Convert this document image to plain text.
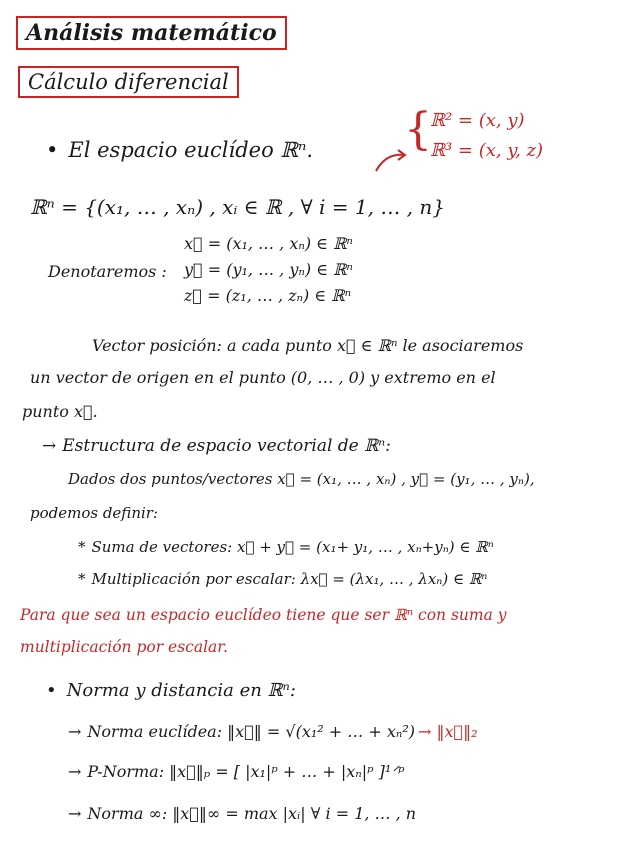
Análisis matemático
Cálculo diferencial
• El espacio euclídeo ℝⁿ. {
ℝ² = (x, y)
ℝ³ = (x, y, z)
ℝⁿ = {(x₁, … , xₙ) , xᵢ ∈ ℝ , ∀ i = 1, … , n}
Denotaremos :
x⃗ = (x₁, … , xₙ) ∈ ℝⁿ
y⃗ = (y₁, … , yₙ) ∈ ℝⁿ
z⃗ = (z₁, … , zₙ) ∈ ℝⁿ
Vector posición: a cada punto x⃗ ∈ ℝⁿ le asociaremos
un vector de origen en el punto (0, … , 0) y extremo en el
punto x⃗.
→ Estructura de espacio vectorial de ℝⁿ:
Dados dos puntos/vectores x⃗ = (x₁, … , xₙ) , y⃗ = (y₁, … , yₙ),
podemos definir:
* Suma de vectores: x⃗ + y⃗ = (x₁+ y₁, … , xₙ+yₙ) ∈ ℝⁿ
* Multiplicación por escalar: λx⃗ = (λx₁, … , λxₙ) ∈ ℝⁿ
Para que sea un espacio euclídeo tiene que ser ℝⁿ con suma y
multiplicación por escalar.
• Norma y distancia en ℝⁿ:
→ Norma euclídea: ‖x⃗‖ = √(x₁² + … + xₙ²) → ‖x⃗‖₂
→ P-Norma: ‖x⃗‖ₚ = [ |x₁|ᵖ + … + |xₙ|ᵖ ]¹ᐟᵖ
→ Norma ∞: ‖x⃗‖∞ = max |xᵢ| ∀ i = 1, … , n
